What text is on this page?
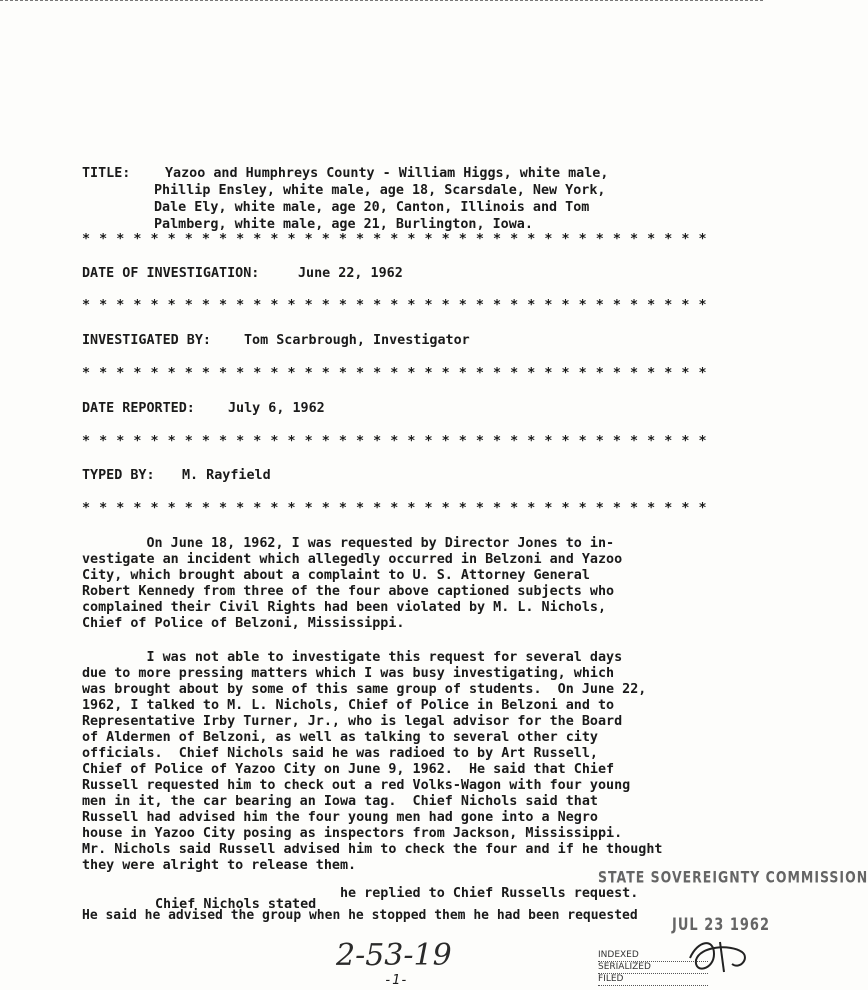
TITLE:	Yazoo and Humphreys County - William Higgs, white male,
Phillip Ensley, white male, age 18, Scarsdale, New York,
Dale Ely, white male, age 20, Canton, Illinois and Tom
Palmberg, white male, age 21, Burlington, Iowa.
* * * * * * * * * * * * * * * * * * * * * * * * * * * * * * * * * * * * *
DATE OF INVESTIGATION:	June 22, 1962
* * * * * * * * * * * * * * * * * * * * * * * * * * * * * * * * * * * * *
INVESTIGATED BY: Tom Scarbrough, Investigator
* * * * * * * * * * * * * * * * * * * * * * * * * * * * * * * * * * * * *
DATE REPORTED: July 6, 1962
* * * * * * * * * * * * * * * * * * * * * * * * * * * * * * * * * * * * *
TYPED BY: M. Rayfield
* * * * * * * * * * * * * * * * * * * * * * * * * * * * * * * * * * * * *
On June 18, 1962, I was requested by Director Jones to in-
vestigate an incident which allegedly occurred in Belzoni and Yazoo
City, which brought about a complaint to U. S. Attorney General
Robert Kennedy from three of the four above captioned subjects who
complained their Civil Rights had been violated by M. L. Nichols,
Chief of Police of Belzoni, Mississippi.
I was not able to investigate this request for several days
due to more pressing matters which I was busy investigating, which
was brought about by some of this same group of students.  On June 22,
1962, I talked to M. L. Nichols, Chief of Police in Belzoni and to
Representative Irby Turner, Jr., who is legal advisor for the Board
of Aldermen of Belzoni, as well as talking to several other city
officials.  Chief Nichols said he was radioed to by Art Russell,
Chief of Police of Yazoo City on June 9, 1962.  He said that Chief
Russell requested him to check out a red Volks-Wagon with four young
men in it, the car bearing an Iowa tag.  Chief Nichols said that
Russell had advised him the four young men had gone into a Negro
house in Yazoo City posing as inspectors from Jackson, Mississippi.
Mr. Nichols said Russell advised him to check the four and if he thought
they were alright to release them.
he replied to Chief Russells request.
Chief Nichols stated
He said he advised the group when he stopped them he had been requested
STATE SOVEREIGNTY COMMISSION
JUL 23 1962
2-53-19
-1-
INDEXED
SERIALIZED
FILED
